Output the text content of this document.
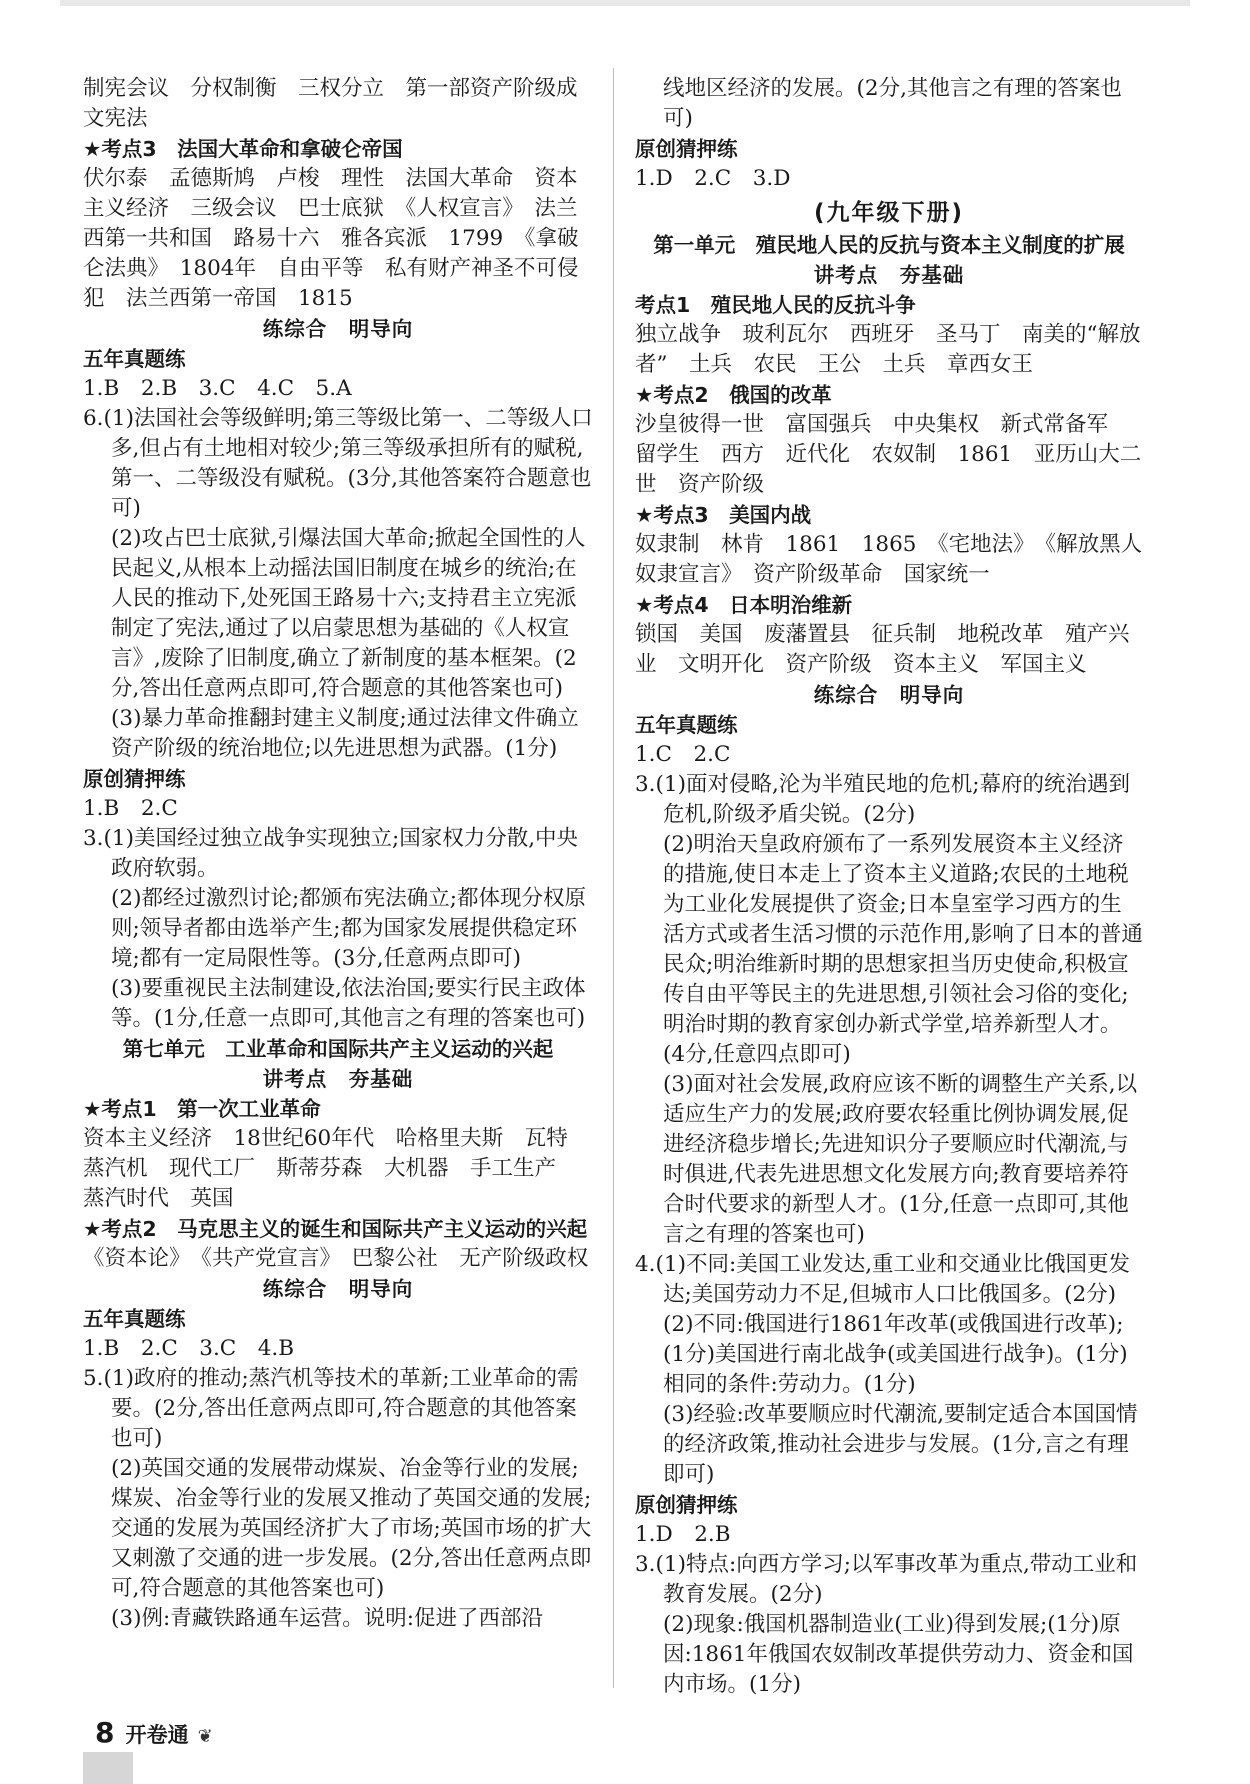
制宪会议　分权制衡　三权分立　第一部资产阶级成文宪法

★考点3　法国大革命和拿破仑帝国

伏尔泰　孟德斯鸠　卢梭　理性　法国大革命　资本主义经济　三级会议　巴士底狱　《人权宣言》　法兰西第一共和国　路易十六　雅各宾派　1799　《拿破仑法典》　1804年　自由平等　私有财产神圣不可侵犯　法兰西第一帝国　1815

练综合　明导向

五年真题练

1.B　2.B　3.C　4.C　5.A

6.(1)法国社会等级鲜明;第三等级比第一、二等级人口多,但占有土地相对较少;第三等级承担所有的赋税,第一、二等级没有赋税。(3分,其他答案符合题意也可)

(2)攻占巴士底狱,引爆法国大革命;掀起全国性的人民起义,从根本上动摇法国旧制度在城乡的统治;在人民的推动下,处死国王路易十六;支持君主立宪派制定了宪法,通过了以启蒙思想为基础的《人权宣言》,废除了旧制度,确立了新制度的基本框架。(2分,答出任意两点即可,符合题意的其他答案也可)

(3)暴力革命推翻封建主义制度;通过法律文件确立资产阶级的统治地位;以先进思想为武器。(1分)

原创猜押练

1.B　2.C

3.(1)美国经过独立战争实现独立;国家权力分散,中央政府软弱。

(2)都经过激烈讨论;都颁布宪法确立;都体现分权原则;领导者都由选举产生;都为国家发展提供稳定环境;都有一定局限性等。(3分,任意两点即可)

(3)要重视民主法制建设,依法治国;要实行民主政体等。(1分,任意一点即可,其他言之有理的答案也可)

第七单元　工业革命和国际共产主义运动的兴起

讲考点　夯基础

★考点1　第一次工业革命

资本主义经济　18世纪60年代　哈格里夫斯　瓦特　蒸汽机　现代工厂　斯蒂芬森　大机器　手工生产　蒸汽时代　英国

★考点2　马克思主义的诞生和国际共产主义运动的兴起

《资本论》　《共产党宣言》　巴黎公社　无产阶级政权

练综合　明导向

五年真题练

1.B　2.C　3.C　4.B

5.(1)政府的推动;蒸汽机等技术的革新;工业革命的需要。(2分,答出任意两点即可,符合题意的其他答案也可)

(2)英国交通的发展带动煤炭、冶金等行业的发展;煤炭、冶金等行业的发展又推动了英国交通的发展;交通的发展为英国经济扩大了市场;英国市场的扩大又刺激了交通的进一步发展。(2分,答出任意两点即可,符合题意的其他答案也可)

(3)例:青藏铁路通车运营。说明:促进了西部沿

线地区经济的发展。(2分,其他言之有理的答案也可)

原创猜押练

1.D　2.C　3.D

(九年级下册)

第一单元　殖民地人民的反抗与资本主义制度的扩展

讲考点　夯基础

考点1　殖民地人民的反抗斗争

独立战争　玻利瓦尔　西班牙　圣马丁　南美的“解放者”　土兵　农民　王公　土兵　章西女王

★考点2　俄国的改革

沙皇彼得一世　富国强兵　中央集权　新式常备军　留学生　西方　近代化　农奴制　1861　亚历山大二世　资产阶级

★考点3　美国内战

奴隶制　林肯　1861　1865　《宅地法》　《解放黑人奴隶宣言》　资产阶级革命　国家统一

★考点4　日本明治维新

锁国　美国　废藩置县　征兵制　地税改革　殖产兴业　文明开化　资产阶级　资本主义　军国主义

练综合　明导向

五年真题练

1.C　2.C

3.(1)面对侵略,沦为半殖民地的危机;幕府的统治遇到危机,阶级矛盾尖锐。(2分)

(2)明治天皇政府颁布了一系列发展资本主义经济的措施,使日本走上了资本主义道路;农民的土地税为工业化发展提供了资金;日本皇室学习西方的生活方式或者生活习惯的示范作用,影响了日本的普通民众;明治维新时期的思想家担当历史使命,积极宣传自由平等民主的先进思想,引领社会习俗的变化;明治时期的教育家创办新式学堂,培养新型人才。(4分,任意四点即可)

(3)面对社会发展,政府应该不断的调整生产关系,以适应生产力的发展;政府要农轻重比例协调发展,促进经济稳步增长;先进知识分子要顺应时代潮流,与时俱进,代表先进思想文化发展方向;教育要培养符合时代要求的新型人才。(1分,任意一点即可,其他言之有理的答案也可)

4.(1)不同:美国工业发达,重工业和交通业比俄国更发达;美国劳动力不足,但城市人口比俄国多。(2分)

(2)不同:俄国进行1861年改革(或俄国进行改革);(1分)美国进行南北战争(或美国进行战争)。(1分)相同的条件:劳动力。(1分)

(3)经验:改革要顺应时代潮流,要制定适合本国国情的经济政策,推动社会进步与发展。(1分,言之有理即可)

原创猜押练

1.D　2.B

3.(1)特点:向西方学习;以军事改革为重点,带动工业和教育发展。(2分)

(2)现象:俄国机器制造业(工业)得到发展;(1分)原因:1861年俄国农奴制改革提供劳动力、资金和国内市场。(1分)

8 开卷通 ❦
